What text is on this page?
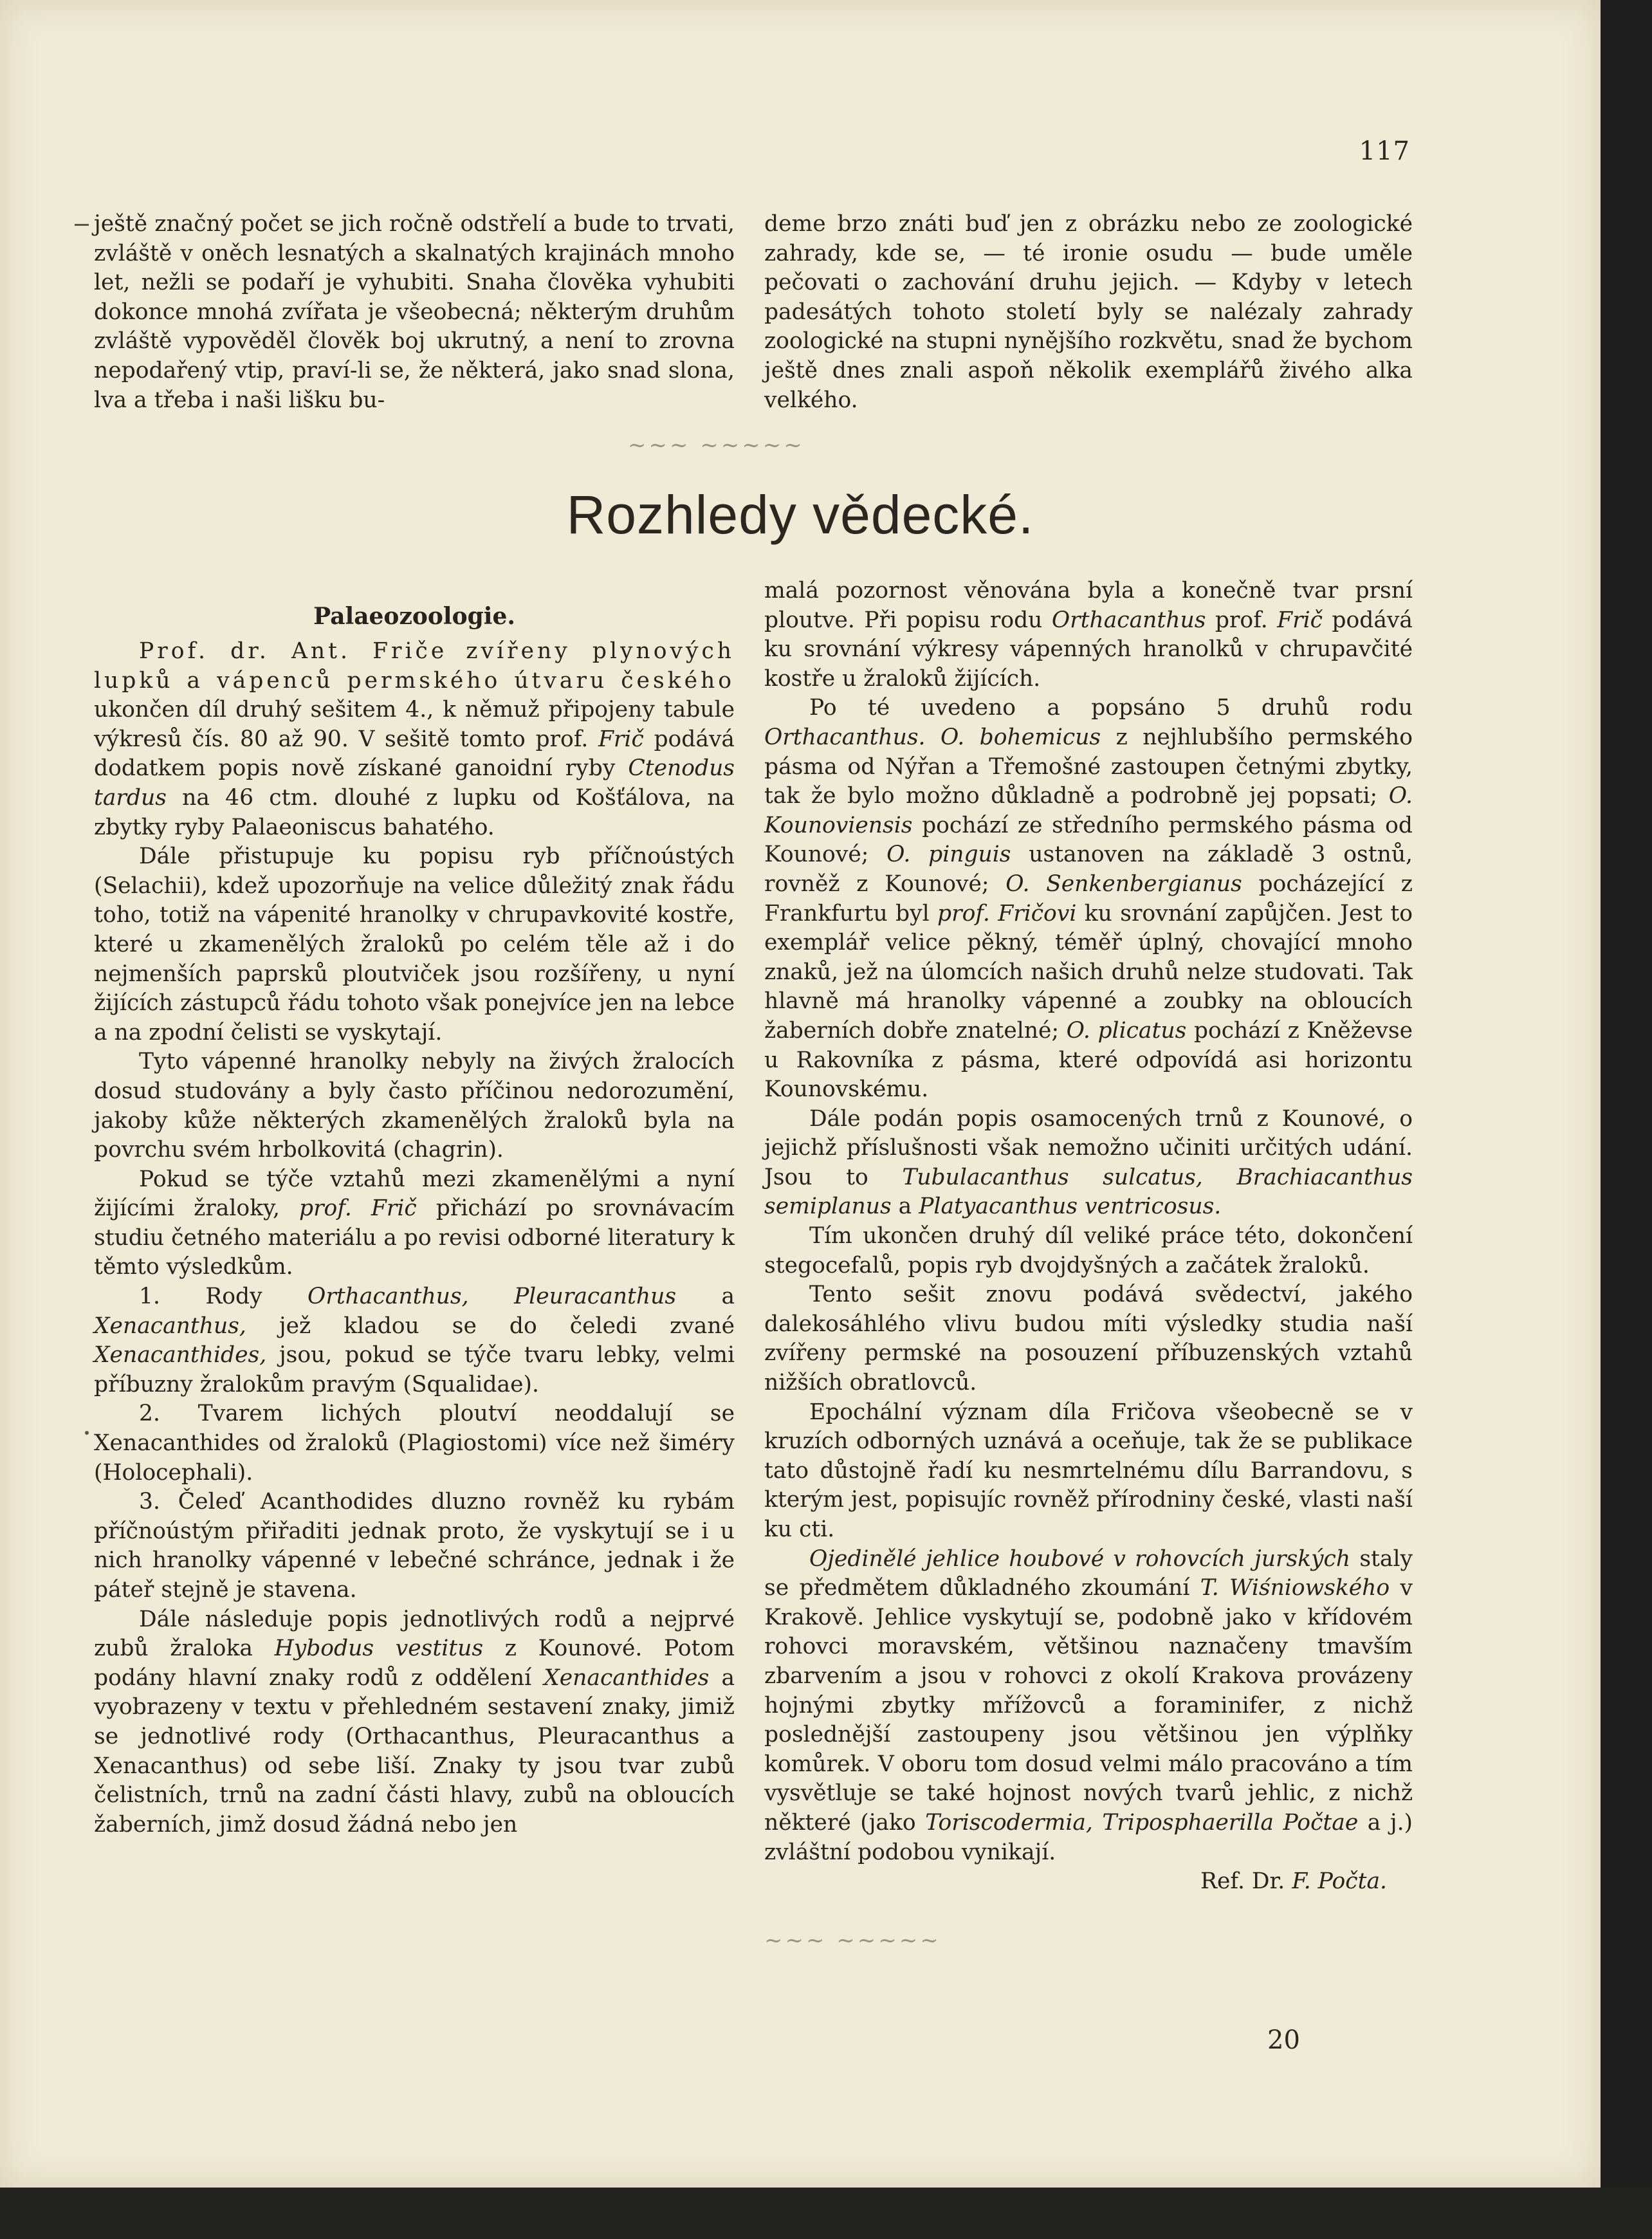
117

ještě značný počet se jich ročně odstřelí a bude to trvati, zvláště v oněch lesnatých a skalnatých krajinách mnoho let, nežli se podaří je vyhubiti. Snaha člověka vyhubiti dokonce mnohá zvířata je všeobecná; některým druhům zvláště vypověděl člověk boj ukrutný, a není to zrovna nepodařený vtip, praví-li se, že některá, jako snad slona, lva a třeba i naši lišku bu-

deme brzo znáti buď jen z obrázku nebo ze zoologické zahrady, kde se, — té ironie osudu — bude uměle pečovati o zachování druhu jejich. — Kdyby v letech padesátých tohoto století byly se nalézaly zahrady zoologické na stupni nynějšího rozkvětu, snad že bychom ještě dnes znali aspoň několik exemplářů živého alka velkého.

~~~ ~~~~~
Rozhledy vědecké.
Palaeozoologie.

Prof. dr. Ant. Friče zvířeny plynových lupků a vápenců permského útvaru českého ukončen díl druhý sešitem 4., k němuž připojeny tabule výkresů čís. 80 až 90. V sešitě tomto prof. Frič podává dodatkem popis nově získané ganoidní ryby Ctenodus tardus na 46 ctm. dlouhé z lupku od Košťálova, na zbytky ryby Palaeoniscus bahatého.

Dále přistupuje ku popisu ryb příčnoústých (Selachii), kdež upozorňuje na velice důležitý znak řádu toho, totiž na vápenité hranolky v chrupavkovité kostře, které u zkamenělých žraloků po celém těle až i do nejmenších paprsků ploutviček jsou rozšířeny, u nyní žijících zástupců řádu tohoto však ponejvíce jen na lebce a na zpodní čelisti se vyskytají.

Tyto vápenné hranolky nebyly na živých žralocích dosud studovány a byly často příčinou nedorozumění, jakoby kůže některých zkamenělých žraloků byla na povrchu svém hrbolkovitá (chagrin).

Pokud se týče vztahů mezi zkamenělými a nyní žijícími žraloky, prof. Frič přichází po srovnávacím studiu četného materiálu a po revisi odborné literatury k těmto výsledkům.

1. Rody Orthacanthus, Pleuracanthus a Xenacanthus, jež kladou se do čeledi zvané Xenacanthides, jsou, pokud se týče tvaru lebky, velmi příbuzny žralokům pravým (Squalidae).

2. Tvarem lichých ploutví neoddalují se Xenacanthides od žraloků (Plagiostomi) více než šiméry (Holocephali).

3. Čeleď Acanthodides dluzno rovněž ku rybám příčnoústým přiřaditi jednak proto, že vyskytují se i u nich hranolky vápenné v lebečné schránce, jednak i že páteř stejně je stavena.

Dále následuje popis jednotlivých rodů a nejprvé zubů žraloka Hybodus vestitus z Kounové. Potom podány hlavní znaky rodů z oddělení Xenacanthides a vyobrazeny v textu v přehledném sestavení znaky, jimiž se jednotlivé rody (Orthacanthus, Pleuracanthus a Xenacanthus) od sebe liší. Znaky ty jsou tvar zubů čelistních, trnů na zadní části hlavy, zubů na obloucích žaberních, jimž dosud žádná nebo jen

malá pozornost věnována byla a konečně tvar prsní ploutve. Při popisu rodu Orthacanthus prof. Frič podává ku srovnání výkresy vápenných hranolků v chrupavčité kostře u žraloků žijících.

Po té uvedeno a popsáno 5 druhů rodu Orthacanthus. O. bohemicus z nejhlubšího permského pásma od Nýřan a Třemošné zastoupen četnými zbytky, tak že bylo možno důkladně a podrobně jej popsati; O. Kounoviensis pochází ze středního permského pásma od Kounové; O. pinguis ustanoven na základě 3 ostnů, rovněž z Kounové; O. Senkenbergianus pocházející z Frankfurtu byl prof. Fričovi ku srovnání zapůjčen. Jest to exemplář velice pěkný, téměř úplný, chovající mnoho znaků, jež na úlomcích našich druhů nelze studovati. Tak hlavně má hranolky vápenné a zoubky na obloucích žaberních dobře znatelné; O. plicatus pochází z Kněževse u Rakovníka z pásma, které odpovídá asi horizontu Kounovskému.

Dále podán popis osamocených trnů z Kounové, o jejichž příslušnosti však nemožno učiniti určitých udání. Jsou to Tubulacanthus sulcatus, Brachiacanthus semiplanus a Platyacanthus ventricosus.

Tím ukončen druhý díl veliké práce této, dokončení stegocefalů, popis ryb dvojdyšných a začátek žraloků.

Tento sešit znovu podává svědectví, jakého dalekosáhlého vlivu budou míti výsledky studia naší zvířeny permské na posouzení příbuzenských vztahů nižších obratlovců.

Epochální význam díla Fričova všeobecně se v kruzích odborných uznává a oceňuje, tak že se publikace tato důstojně řadí ku nesmrtelnému dílu Barrandovu, s kterým jest, popisujíc rovněž přírodniny české, vlasti naší ku cti.

Ojedinělé jehlice houbové v rohovcích jurských staly se předmětem důkladného zkoumání T. Wiśniowského v Krakově. Jehlice vyskytují se, podobně jako v křídovém rohovci moravském, většinou naznačeny tmavším zbarvením a jsou v rohovci z okolí Krakova provázeny hojnými zbytky mřížovců a foraminifer, z nichž poslednější zastoupeny jsou většinou jen výplňky komůrek. V oboru tom dosud velmi málo pracováno a tím vysvětluje se také hojnost nových tvarů jehlic, z nichž některé (jako Toriscodermia, Triposphaerilla Počtae a j.) zvláštní podobou vynikají.

Ref. Dr. F. Počta.

~~~ ~~~~~
20
